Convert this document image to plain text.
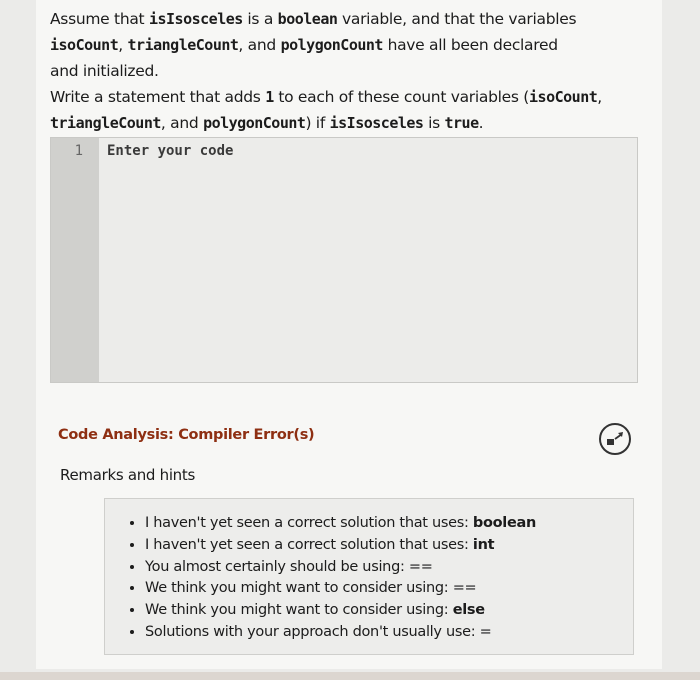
Assume that isIsosceles is a boolean variable, and that the variables
isoCount, triangleCount, and polygonCount have all been declared
and initialized.
Write a statement that adds 1 to each of these count variables (isoCount,
triangleCount, and polygonCount) if isIsosceles is true.
1
Enter your code
Code Analysis: Compiler Error(s)
Remarks and hints
• I haven't yet seen a correct solution that uses: boolean
• I haven't yet seen a correct solution that uses: int
• You almost certainly should be using: ==
• We think you might want to consider using: ==
• We think you might want to consider using: else
• Solutions with your approach don't usually use: =
